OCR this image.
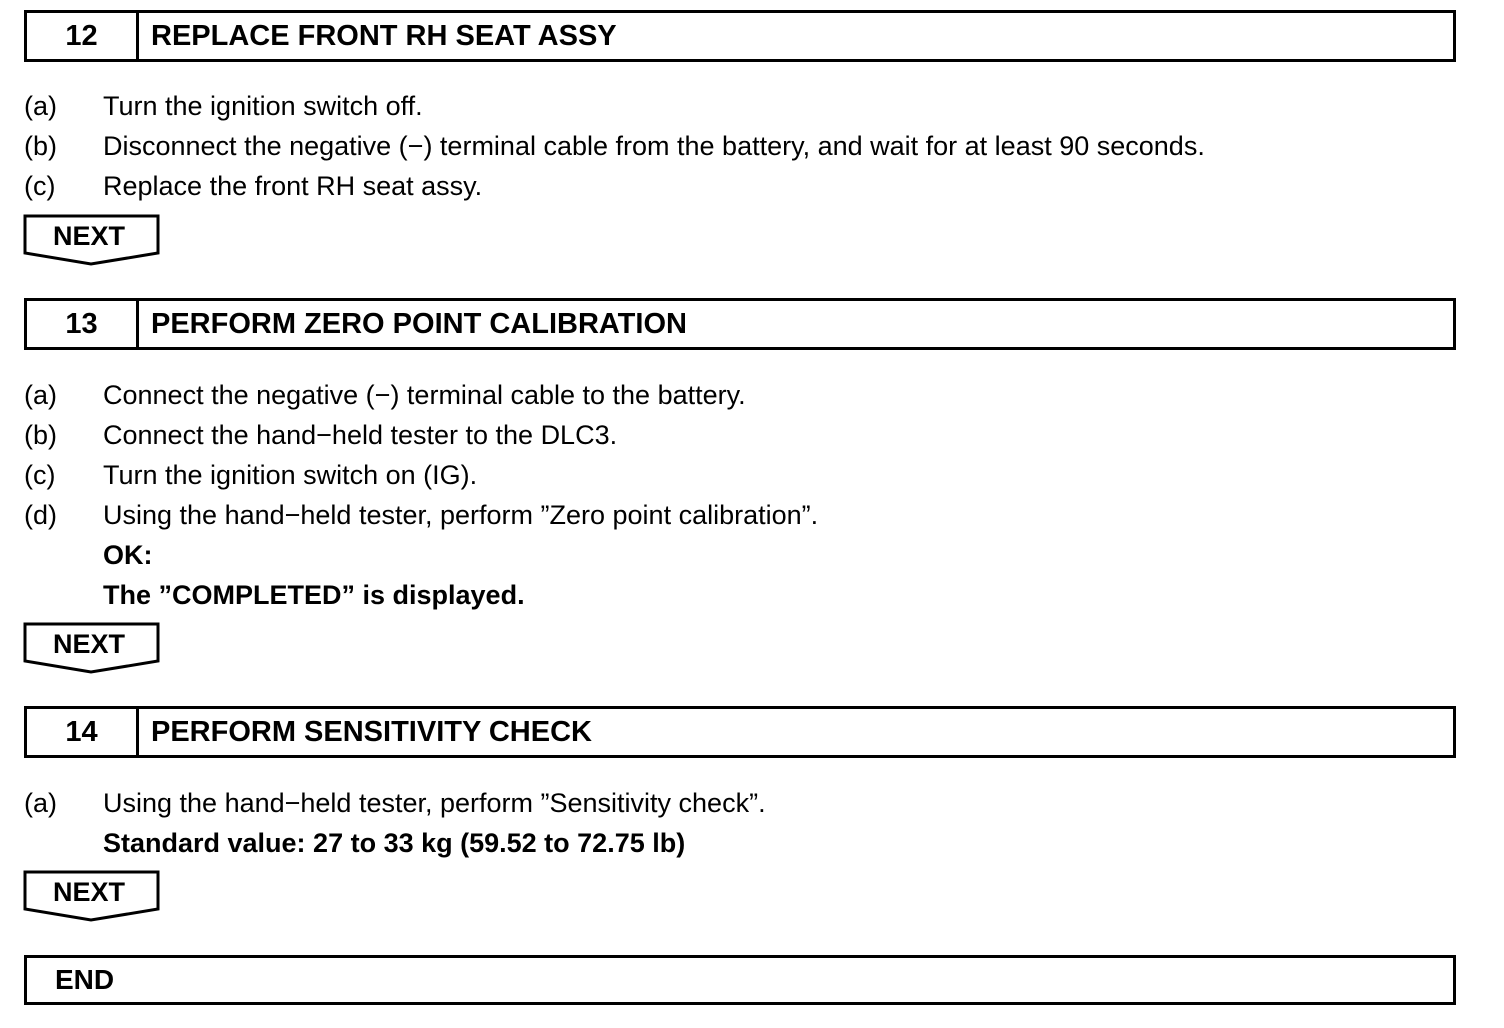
12	REPLACE FRONT RH SEAT ASSY
(a) Turn the ignition switch off.
(b) Disconnect the negative (−) terminal cable from the battery, and wait for at least 90 seconds.
(c) Replace the front RH seat assy.
NEXT
13	PERFORM ZERO POINT CALIBRATION
(a) Connect the negative (−) terminal cable to the battery.
(b) Connect the hand−held tester to the DLC3.
(c) Turn the ignition switch on (IG).
(d) Using the hand−held tester, perform ”Zero point calibration”.
OK:
The ”COMPLETED” is displayed.
NEXT
14	PERFORM SENSITIVITY CHECK
(a) Using the hand−held tester, perform ”Sensitivity check”.
Standard value: 27 to 33 kg (59.52 to 72.75 lb)
NEXT
END
